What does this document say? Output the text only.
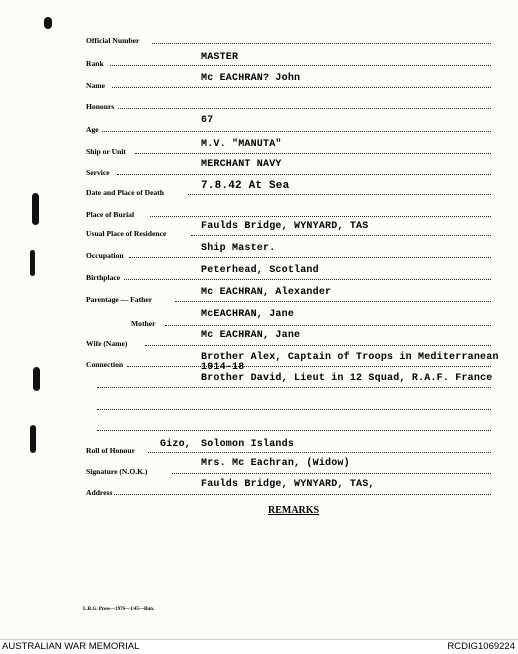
Official Number
Rank
MASTER
Name
Mc EACHRAN? John
Honours
Age
67
Ship or Unit
M.V. "MANUTA"
Service
MERCHANT NAVY
Date and Place of Death
7.8.42 At Sea
Place of Burial
Usual Place of Residence
Faulds Bridge, WYNYARD, TAS
Occupation
Ship Master.
Birthplace
Peterhead, Scotland
Parentage — Father
Mc EACHRAN, Alexander
Mother
McEACHRAN, Jane
Wife (Name)
Mc EACHRAN, Jane
Connection
Brother Alex, Captain of Troops in Mediterranean
1914-18
Brother David, Lieut in 12 Squad, R.A.F. France
Roll of Honour
Gizo, Solomon Islands
Signature (N.O.K.)
Mrs. Mc Eachran, (Widow)
Address
Faulds Bridge, WYNYARD, TAS,
REMARKS
L.R.G. Press—1976—1/45—Bun.
AUSTRALIAN WAR MEMORIAL	RCDIG1069224
